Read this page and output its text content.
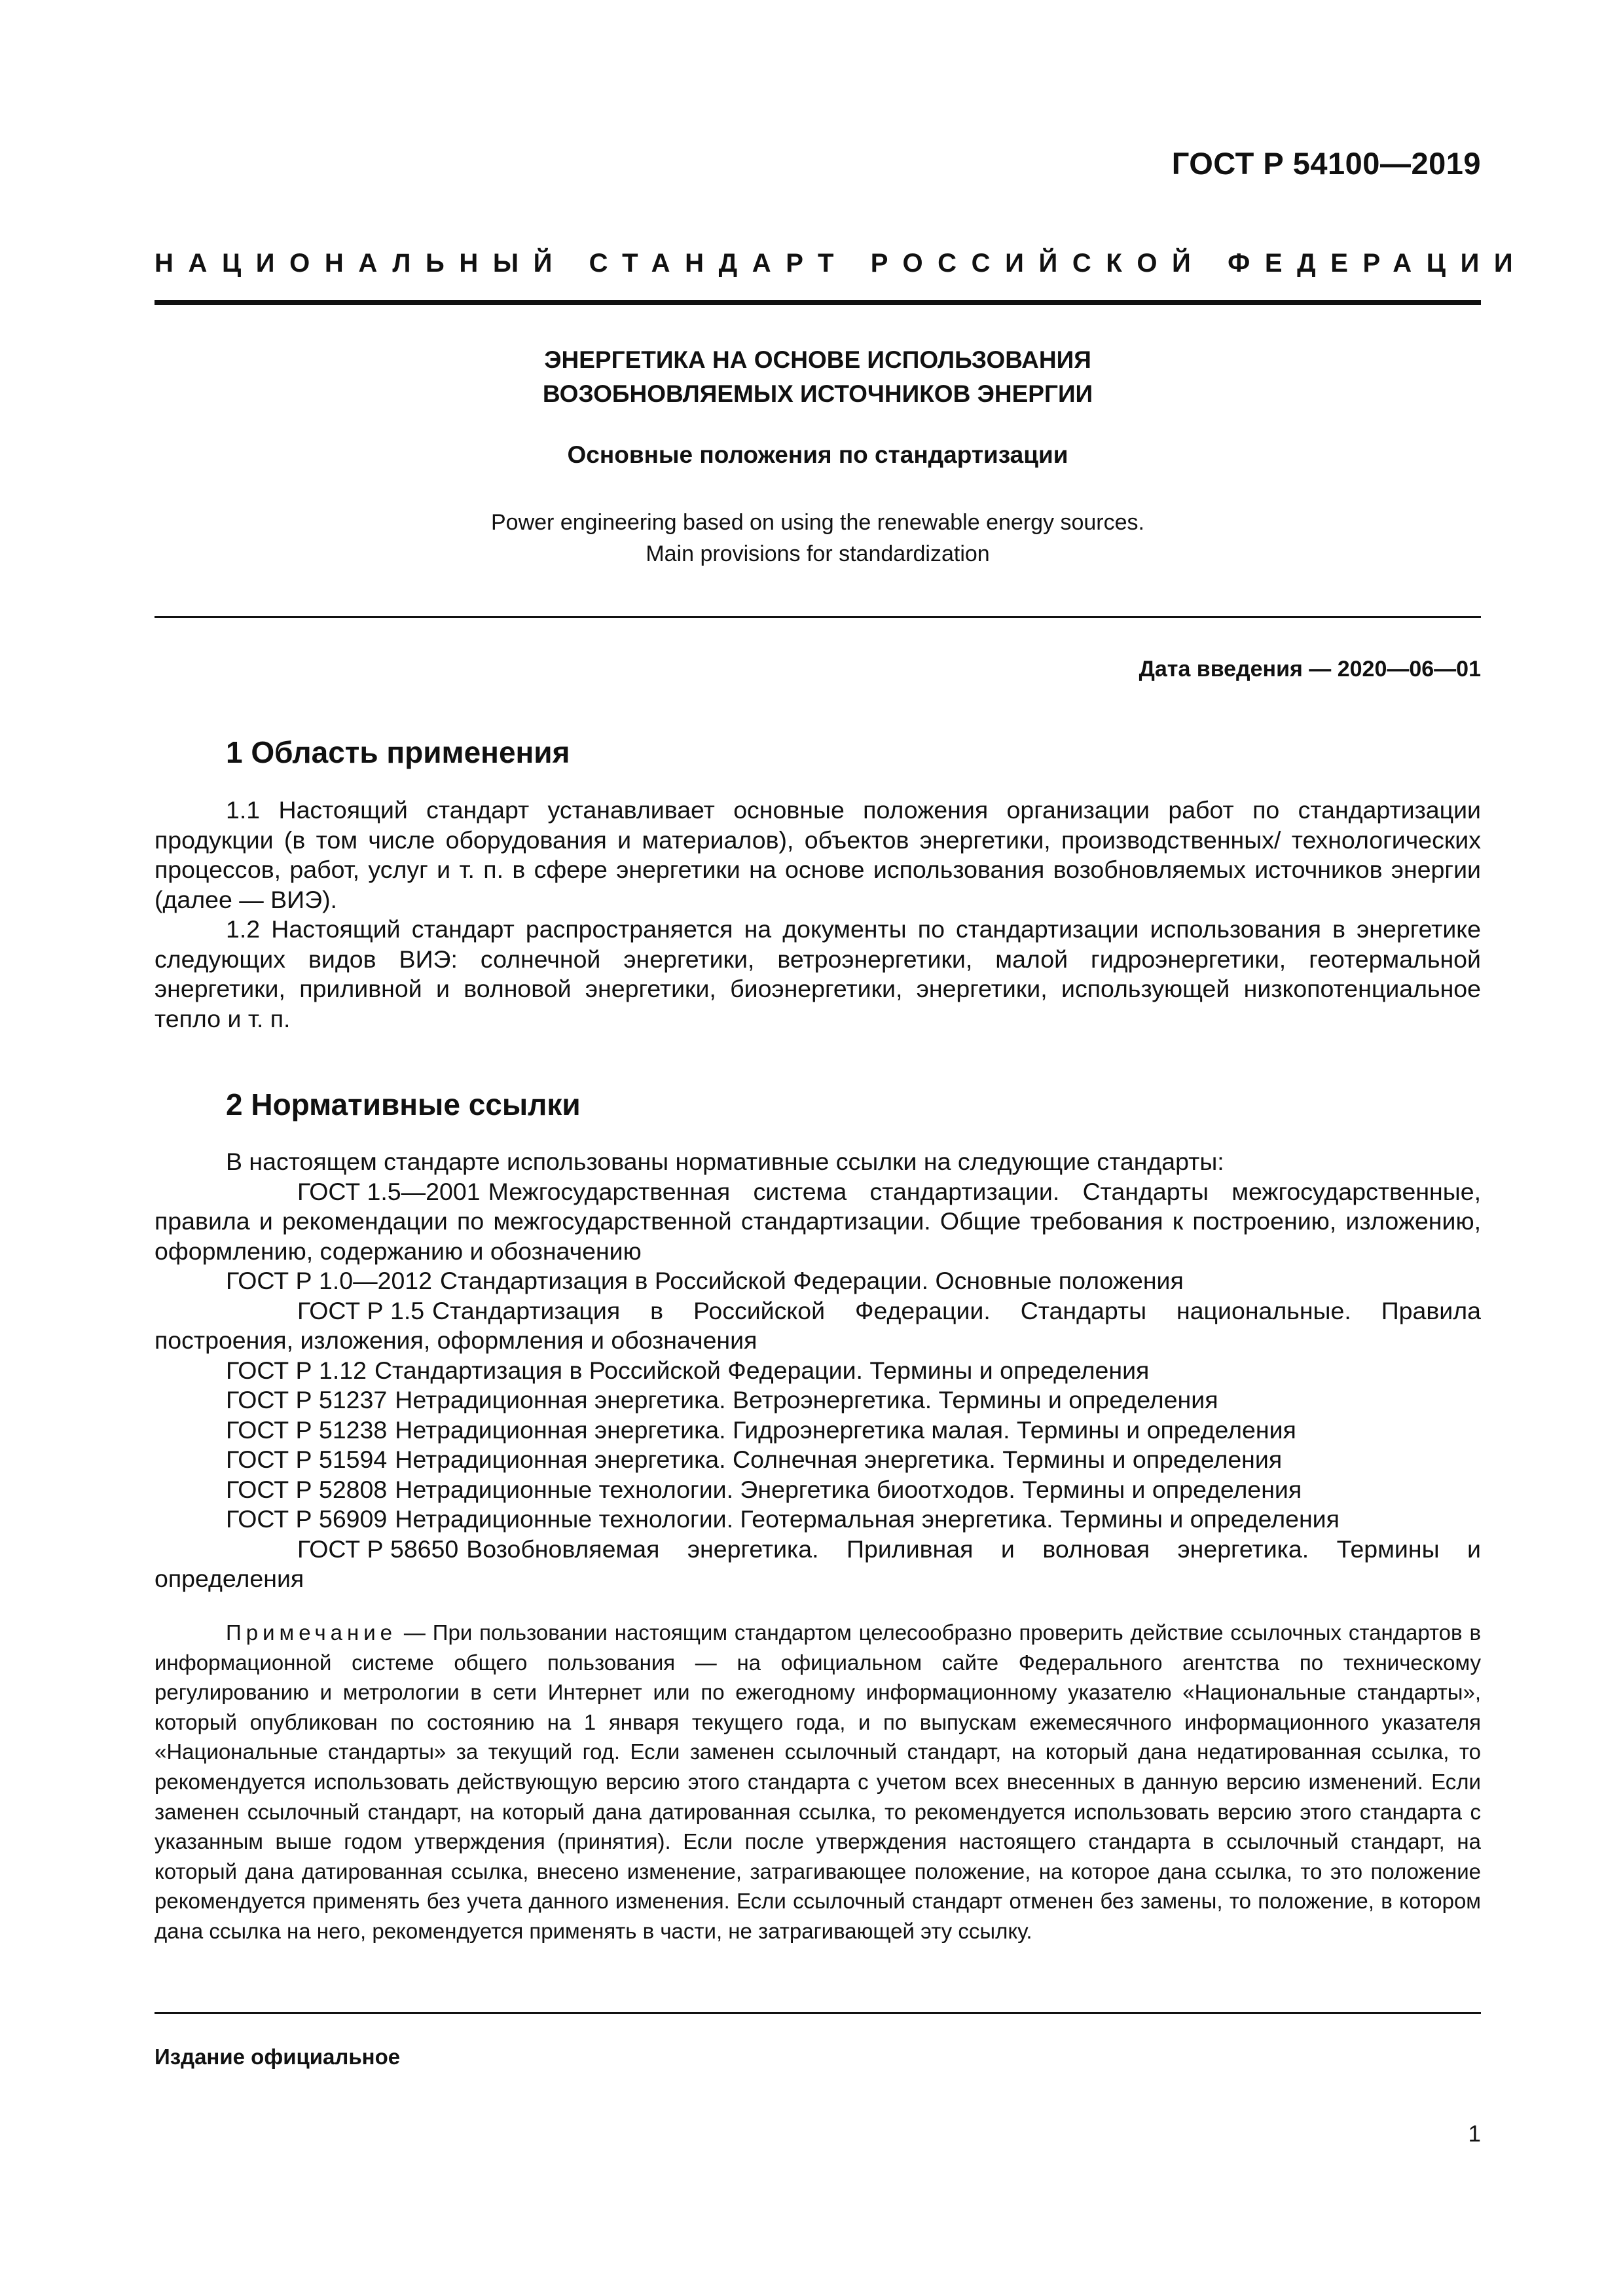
ГОСТ Р 54100—2019
НАЦИОНАЛЬНЫЙ СТАНДАРТ РОССИЙСКОЙ ФЕДЕРАЦИИ
ЭНЕРГЕТИКА НА ОСНОВЕ ИСПОЛЬЗОВАНИЯ
ВОЗОБНОВЛЯЕМЫХ ИСТОЧНИКОВ ЭНЕРГИИ
Основные положения по стандартизации
Power engineering based on using the renewable energy sources.
Main provisions for standardization
Дата введения — 2020—06—01
1 Область применения

1.1 Настоящий стандарт устанавливает основные положения организации работ по стандартизации продукции (в том числе оборудования и материалов), объектов энергетики, производственных/ технологических процессов, работ, услуг и т. п. в сфере энергетики на основе использования возобновляемых источников энергии (далее — ВИЭ).

1.2 Настоящий стандарт распространяется на документы по стандартизации использования в энергетике следующих видов ВИЭ: солнечной энергетики, ветроэнергетики, малой гидроэнергетики, геотермальной энергетики, приливной и волновой энергетики, биоэнергетики, энергетики, использующей низкопотенциальное тепло и т. п.

2 Нормативные ссылки

В настоящем стандарте использованы нормативные ссылки на следующие стандарты:

ГОСТ 1.5—2001 Межгосударственная система стандартизации. Стандарты межгосударственные, правила и рекомендации по межгосударственной стандартизации. Общие требования к построению, изложению, оформлению, содержанию и обозначению

ГОСТ Р 1.0—2012 Стандартизация в Российской Федерации. Основные положения

ГОСТ Р 1.5 Стандартизация в Российской Федерации. Стандарты национальные. Правила построения, изложения, оформления и обозначения

ГОСТ Р 1.12 Стандартизация в Российской Федерации. Термины и определения

ГОСТ Р 51237 Нетрадиционная энергетика. Ветроэнергетика. Термины и определения

ГОСТ Р 51238 Нетрадиционная энергетика. Гидроэнергетика малая. Термины и определения

ГОСТ Р 51594 Нетрадиционная энергетика. Солнечная энергетика. Термины и определения

ГОСТ Р 52808 Нетрадиционные технологии. Энергетика биоотходов. Термины и определения

ГОСТ Р 56909 Нетрадиционные технологии. Геотермальная энергетика. Термины и определения

ГОСТ Р 58650 Возобновляемая энергетика. Приливная и волновая энергетика. Термины и определения

Примечание — При пользовании настоящим стандартом целесообразно проверить действие ссылочных стандартов в информационной системе общего пользования — на официальном сайте Федерального агентства по техническому регулированию и метрологии в сети Интернет или по ежегодному информационному указателю «Национальные стандарты», который опубликован по состоянию на 1 января текущего года, и по выпускам ежемесячного информационного указателя «Национальные стандарты» за текущий год. Если заменен ссылочный стандарт, на который дана недатированная ссылка, то рекомендуется использовать действующую версию этого стандарта с учетом всех внесенных в данную версию изменений. Если заменен ссылочный стандарт, на который дана датированная ссылка, то рекомендуется использовать версию этого стандарта с указанным выше годом утверждения (принятия). Если после утверждения настоящего стандарта в ссылочный стандарт, на который дана датированная ссылка, внесено изменение, затрагивающее положение, на которое дана ссылка, то это положение рекомендуется применять без учета данного изменения. Если ссылочный стандарт отменен без замены, то положение, в котором дана ссылка на него, рекомендуется применять в части, не затрагивающей эту ссылку.
Издание официальное
1
